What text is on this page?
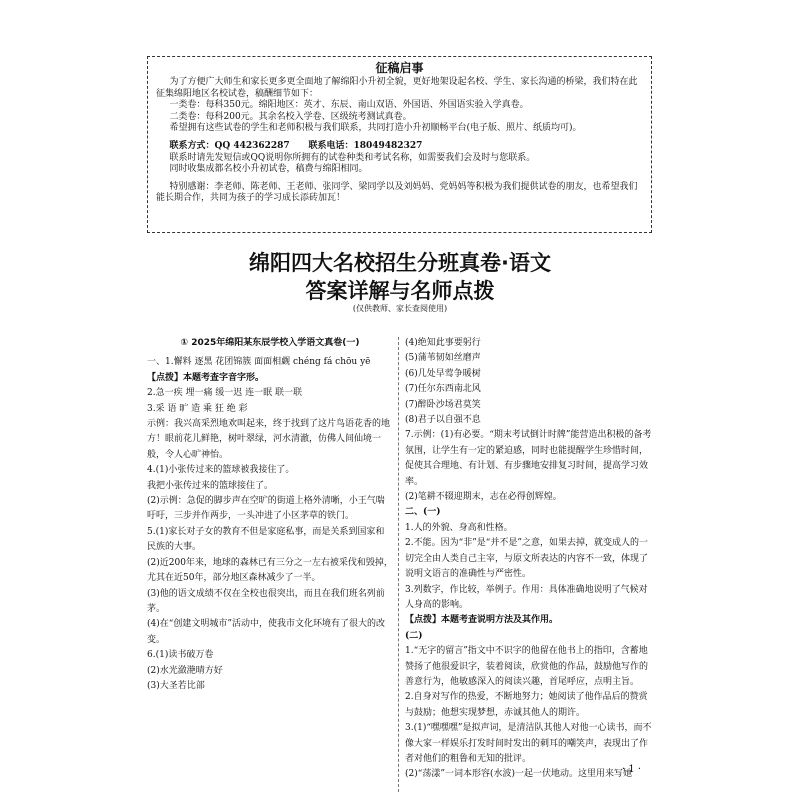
征稿启事

为了方便广大师生和家长更多更全面地了解绵阳小升初全貌，更好地架设起名校、学生、家长沟通的桥梁，我们特在此征集绵阳地区名校试卷，稿酬细节如下：

一类卷：每科350元。绵阳地区：英才、东辰、南山双语、外国语、外国语实验入学真卷。

二类卷：每科200元。其余名校入学卷、区级统考测试真卷。

希望拥有这些试卷的学生和老师积极与我们联系，共同打造小升初顺畅平台(电子版、照片、纸质均可)。

联系方式：QQ 442362287      联系电话：18049482327

联系时请先发短信或QQ说明你所拥有的试卷种类和考试名称，如需要我们会及时与您联系。

同时收集成都名校小升初试卷，稿费与绵阳相同。

特别感谢：李老师、陈老师、王老师、张同学、梁同学以及刘妈妈、党妈妈等积极为我们提供试卷的朋友，也希望我们能长期合作，共同为孩子的学习成长添砖加瓦！

绵阳四大名校招生分班真卷·语文
答案详解与名师点拨
(仅供教师、家长查阅使用)
① 2025年绵阳某东辰学校入学语文真卷(一)

一、1.懈料 逐黑 花团锦簇 面面相觑 chéng fá chōu yē

【点拨】本题考查字音字形。

2.急一疾 埋一痛 缓一迟 连一眠 联一联

3.采 语 旷 造 乘 狂 绝 彩

示例：我兴高采烈地欢叫起来，终于找到了这片鸟语花香的地方！眼前花儿鲜艳，树叶翠绿，河水清澈，仿佛人间仙境一般，令人心旷神怡。

4.(1)小张传过来的篮球被我接住了。

我把小张传过来的篮球接住了。

(2)示例：急促的脚步声在空旷的街道上格外清晰，小王气喘吁吁，三步并作两步，一头冲进了小区茅草的铁门。

5.(1)家长对子女的教育不但是家庭私事，而是关系到国家和民族的大事。

(2)近200年来，地球的森林已有三分之一左右被采伐和毁掉，尤其在近50年，部分地区森林减少了一半。

(3)他的语文成绩不仅在全校也很突出，而且在我们班名列前茅。

(4)在“创建文明城市”活动中，使我市文化环境有了很大的改变。

6.(1)读书破万卷

(2)水光潋滟晴方好

(3)大圣若比部

(4)绝知此事要躬行

(5)蒲苇韧如丝磨声

(6)几处早莺争暖树

(7)任尔东西南北风

(7)醉卧沙场君莫笑

(8)君子以自强不息

7.示例：(1)有必要。“期末考试倒计时牌”能营造出积极的备考氛围，让学生有一定的紧迫感，同时也能提醒学生珍惜时间，促使其合理地、有计划、有步骤地安排复习时间，提高学习效率。

(2)笔耕不辍迎期末，志在必得创辉煌。

二、(一)

1.人的外貌、身高和性格。

2.不能。因为“非”是“并不是”之意，如果去掉，就变成人的一切完全由人类自己主宰，与原文所表达的内容不一致，体现了说明文语言的准确性与严密性。

3.列数字，作比较，举例子。作用：具体准确地说明了气候对人身高的影响。

【点拨】本题考查说明方法及其作用。

(二)

1.“无字的留言”指文中不识字的他留在他书上的指印，含蓄地赞扬了他很爱识字，装着阅读，欣赏他的作品，鼓励他写作的善意行为，他敏感深入的阅读兴趣，首尾呼应，点明主旨。

2.自身对写作的热爱，不断地努力；她阅读了他作品后的赞赏与鼓励；他想实现梦想，赤诚其他人的期许。

3.(1)“嘿嘿嘿”是拟声词，是清洁队其他人对他一心读书，而不像大家一样娱乐打发时间时发出的刺耳的嘲笑声，表现出了作者对他们的粗鲁和无知的批评。

(2)“荡漾”一词本形容(水波)一起一伏地动。这里用来写她

· 1 ·
